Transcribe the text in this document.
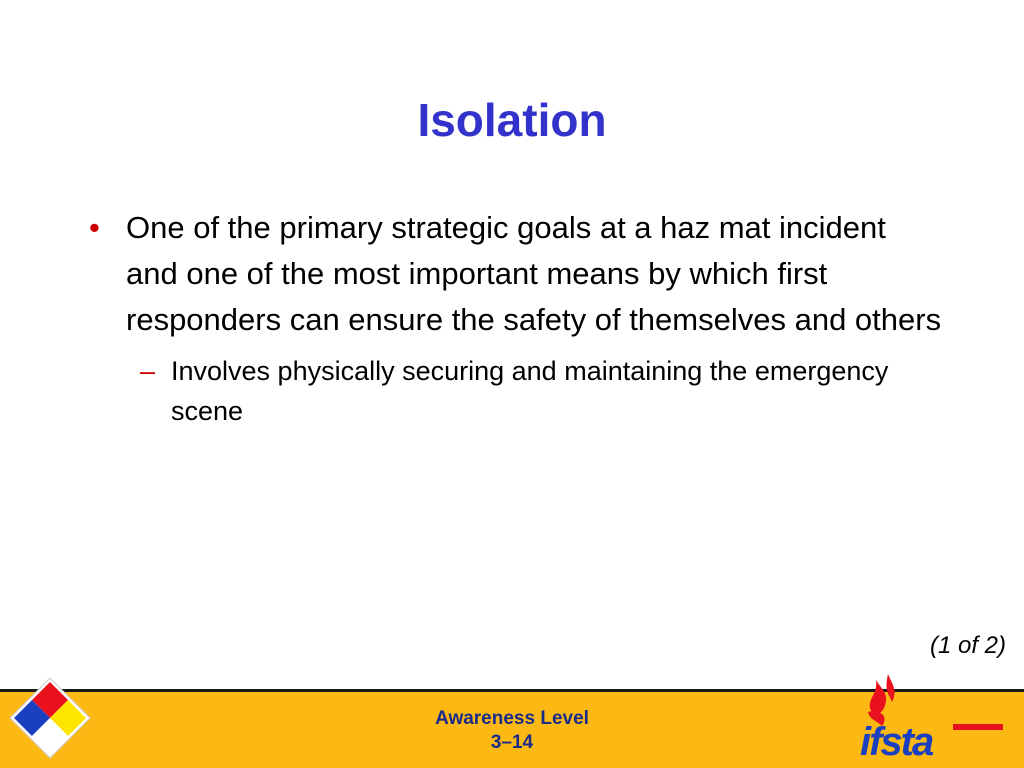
Isolation
• One of the primary strategic goals at a haz mat incident and one of the most important means by which first responders can ensure the safety of themselves and others
– Involves physically securing and maintaining the emergency scene
(1 of 2)
Awareness Level
3–14	ifsta
